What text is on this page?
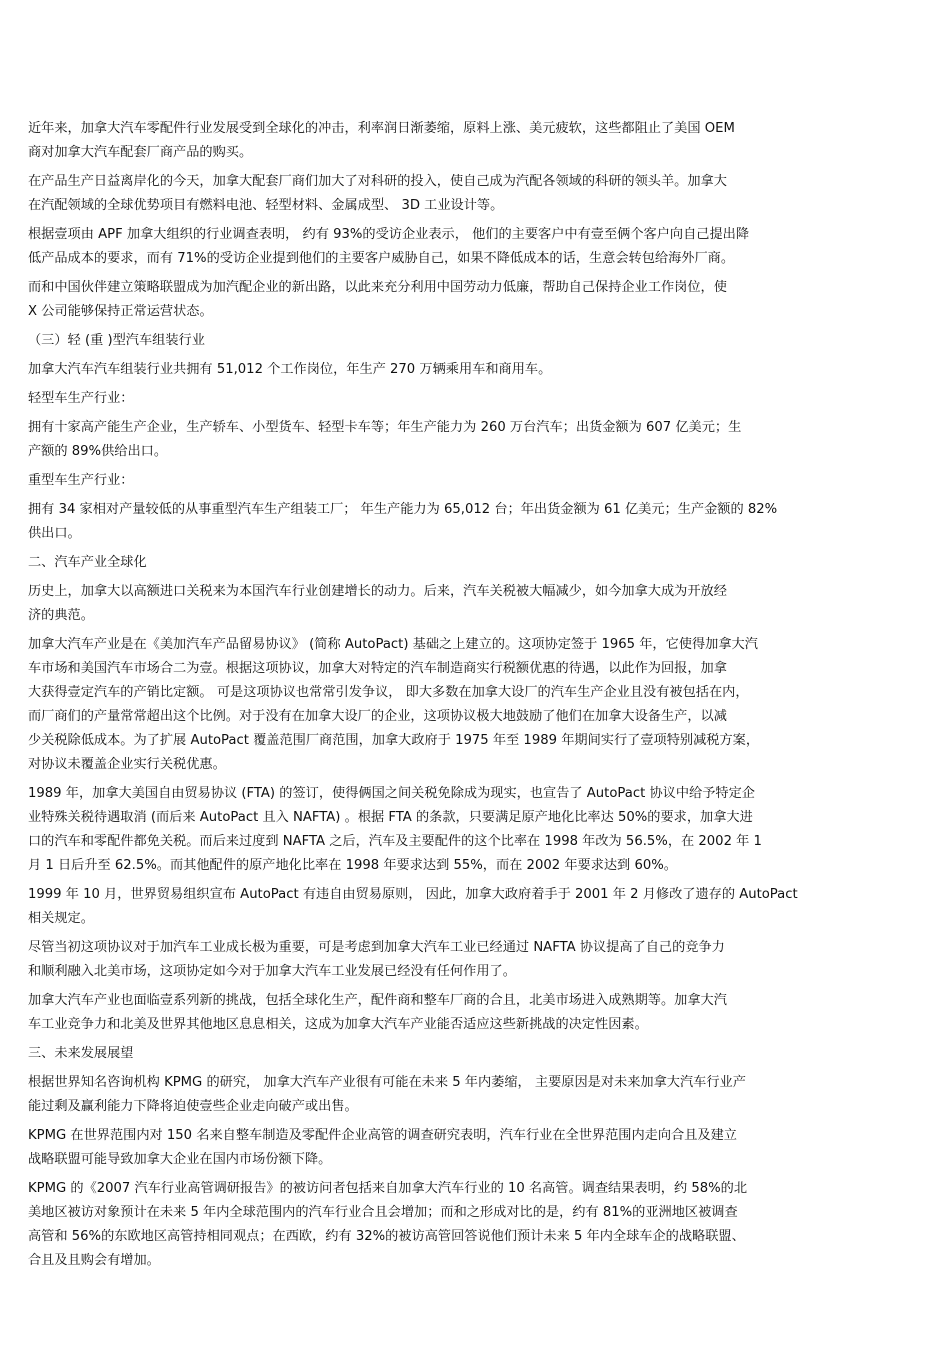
近年来，加拿大汽车零配件行业发展受到全球化的冲击，利率润日渐萎缩，原料上涨、美元疲软，这些都阻止了美国 OEM
商对加拿大汽车配套厂商产品的购买。
在产品生产日益离岸化的今天，加拿大配套厂商们加大了对科研的投入，使自己成为汽配各领域的科研的领头羊。加拿大
在汽配领域的全球优势项目有燃料电池、轻型材料、金属成型、 3D 工业设计等。
根据壹项由 APF 加拿大组织的行业调查表明， 约有 93%的受访企业表示， 他们的主要客户中有壹至俩个客户向自己提出降
低产品成本的要求，而有 71%的受访企业提到他们的主要客户威胁自己，如果不降低成本的话，生意会转包给海外厂商。
而和中国伙伴建立策略联盟成为加汽配企业的新出路，以此来充分利用中国劳动力低廉，帮助自己保持企业工作岗位，使
X 公司能够保持正常运营状态。
（三）轻 (重 )型汽车组装行业
加拿大汽车汽车组装行业共拥有 51,012 个工作岗位，年生产 270 万辆乘用车和商用车。
轻型车生产行业：
拥有十家高产能生产企业，生产轿车、小型货车、轻型卡车等；年生产能力为 260 万台汽车；出货金额为 607 亿美元；生
产额的 89%供给出口。
重型车生产行业：
拥有 34 家相对产量较低的从事重型汽车生产组装工厂； 年生产能力为 65,012 台；年出货金额为 61 亿美元；生产金额的 82%
供出口。
二、汽车产业全球化
历史上，加拿大以高额进口关税来为本国汽车行业创建增长的动力。后来，汽车关税被大幅减少，如今加拿大成为开放经
济的典范。
加拿大汽车产业是在《美加汽车产品留易协议》 (简称 AutoPact) 基础之上建立的。这项协定签于 1965 年，它使得加拿大汽
车市场和美国汽车市场合二为壹。根据这项协议，加拿大对特定的汽车制造商实行税额优惠的待遇，以此作为回报，加拿
大获得壹定汽车的产销比定额。 可是这项协议也常常引发争议， 即大多数在加拿大设厂的汽车生产企业且没有被包括在内，
而厂商们的产量常常超出这个比例。对于没有在加拿大设厂的企业，这项协议极大地鼓励了他们在加拿大设备生产，以减
少关税除低成本。为了扩展 AutoPact 覆盖范围厂商范围，加拿大政府于 1975 年至 1989 年期间实行了壹项特别减税方案，
对协议未覆盖企业实行关税优惠。
1989 年，加拿大美国自由贸易协议 (FTA) 的签订，使得俩国之间关税免除成为现实，也宣告了 AutoPact 协议中给予特定企
业特殊关税待遇取消 (而后来 AutoPact 且入 NAFTA) 。根据 FTA 的条款，只要满足原产地化比率达 50%的要求，加拿大进
口的汽车和零配件都免关税。而后来过度到 NAFTA 之后，汽车及主要配件的这个比率在 1998 年改为 56.5%，在 2002 年 1
月 1 日后升至 62.5%。而其他配件的原产地化比率在 1998 年要求达到 55%，而在 2002 年要求达到 60%。
1999 年 10 月，世界贸易组织宣布 AutoPact 有违自由贸易原则， 因此，加拿大政府着手于 2001 年 2 月修改了遗存的 AutoPact
相关规定。
尽管当初这项协议对于加汽车工业成长极为重要，可是考虑到加拿大汽车工业已经通过 NAFTA 协议提高了自己的竞争力
和顺利融入北美市场，这项协定如今对于加拿大汽车工业发展已经没有任何作用了。
加拿大汽车产业也面临壹系列新的挑战，包括全球化生产，配件商和整车厂商的合且，北美市场进入成熟期等。加拿大汽
车工业竞争力和北美及世界其他地区息息相关，这成为加拿大汽车产业能否适应这些新挑战的决定性因素。
三、未来发展展望
根据世界知名咨询机构 KPMG 的研究， 加拿大汽车产业很有可能在未来 5 年内萎缩， 主要原因是对未来加拿大汽车行业产
能过剩及赢利能力下降将迫使壹些企业走向破产或出售。
KPMG 在世界范围内对 150 名来自整车制造及零配件企业高管的调查研究表明，汽车行业在全世界范围内走向合且及建立
战略联盟可能导致加拿大企业在国内市场份额下降。
KPMG 的《2007 汽车行业高管调研报告》的被访问者包括来自加拿大汽车行业的 10 名高管。调查结果表明，约 58%的北
美地区被访对象预计在未来 5 年内全球范围内的汽车行业合且会增加；而和之形成对比的是，约有 81%的亚洲地区被调查
高管和 56%的东欧地区高管持相同观点；在西欧，约有 32%的被访高管回答说他们预计未来 5 年内全球车企的战略联盟、
合且及且购会有增加。
